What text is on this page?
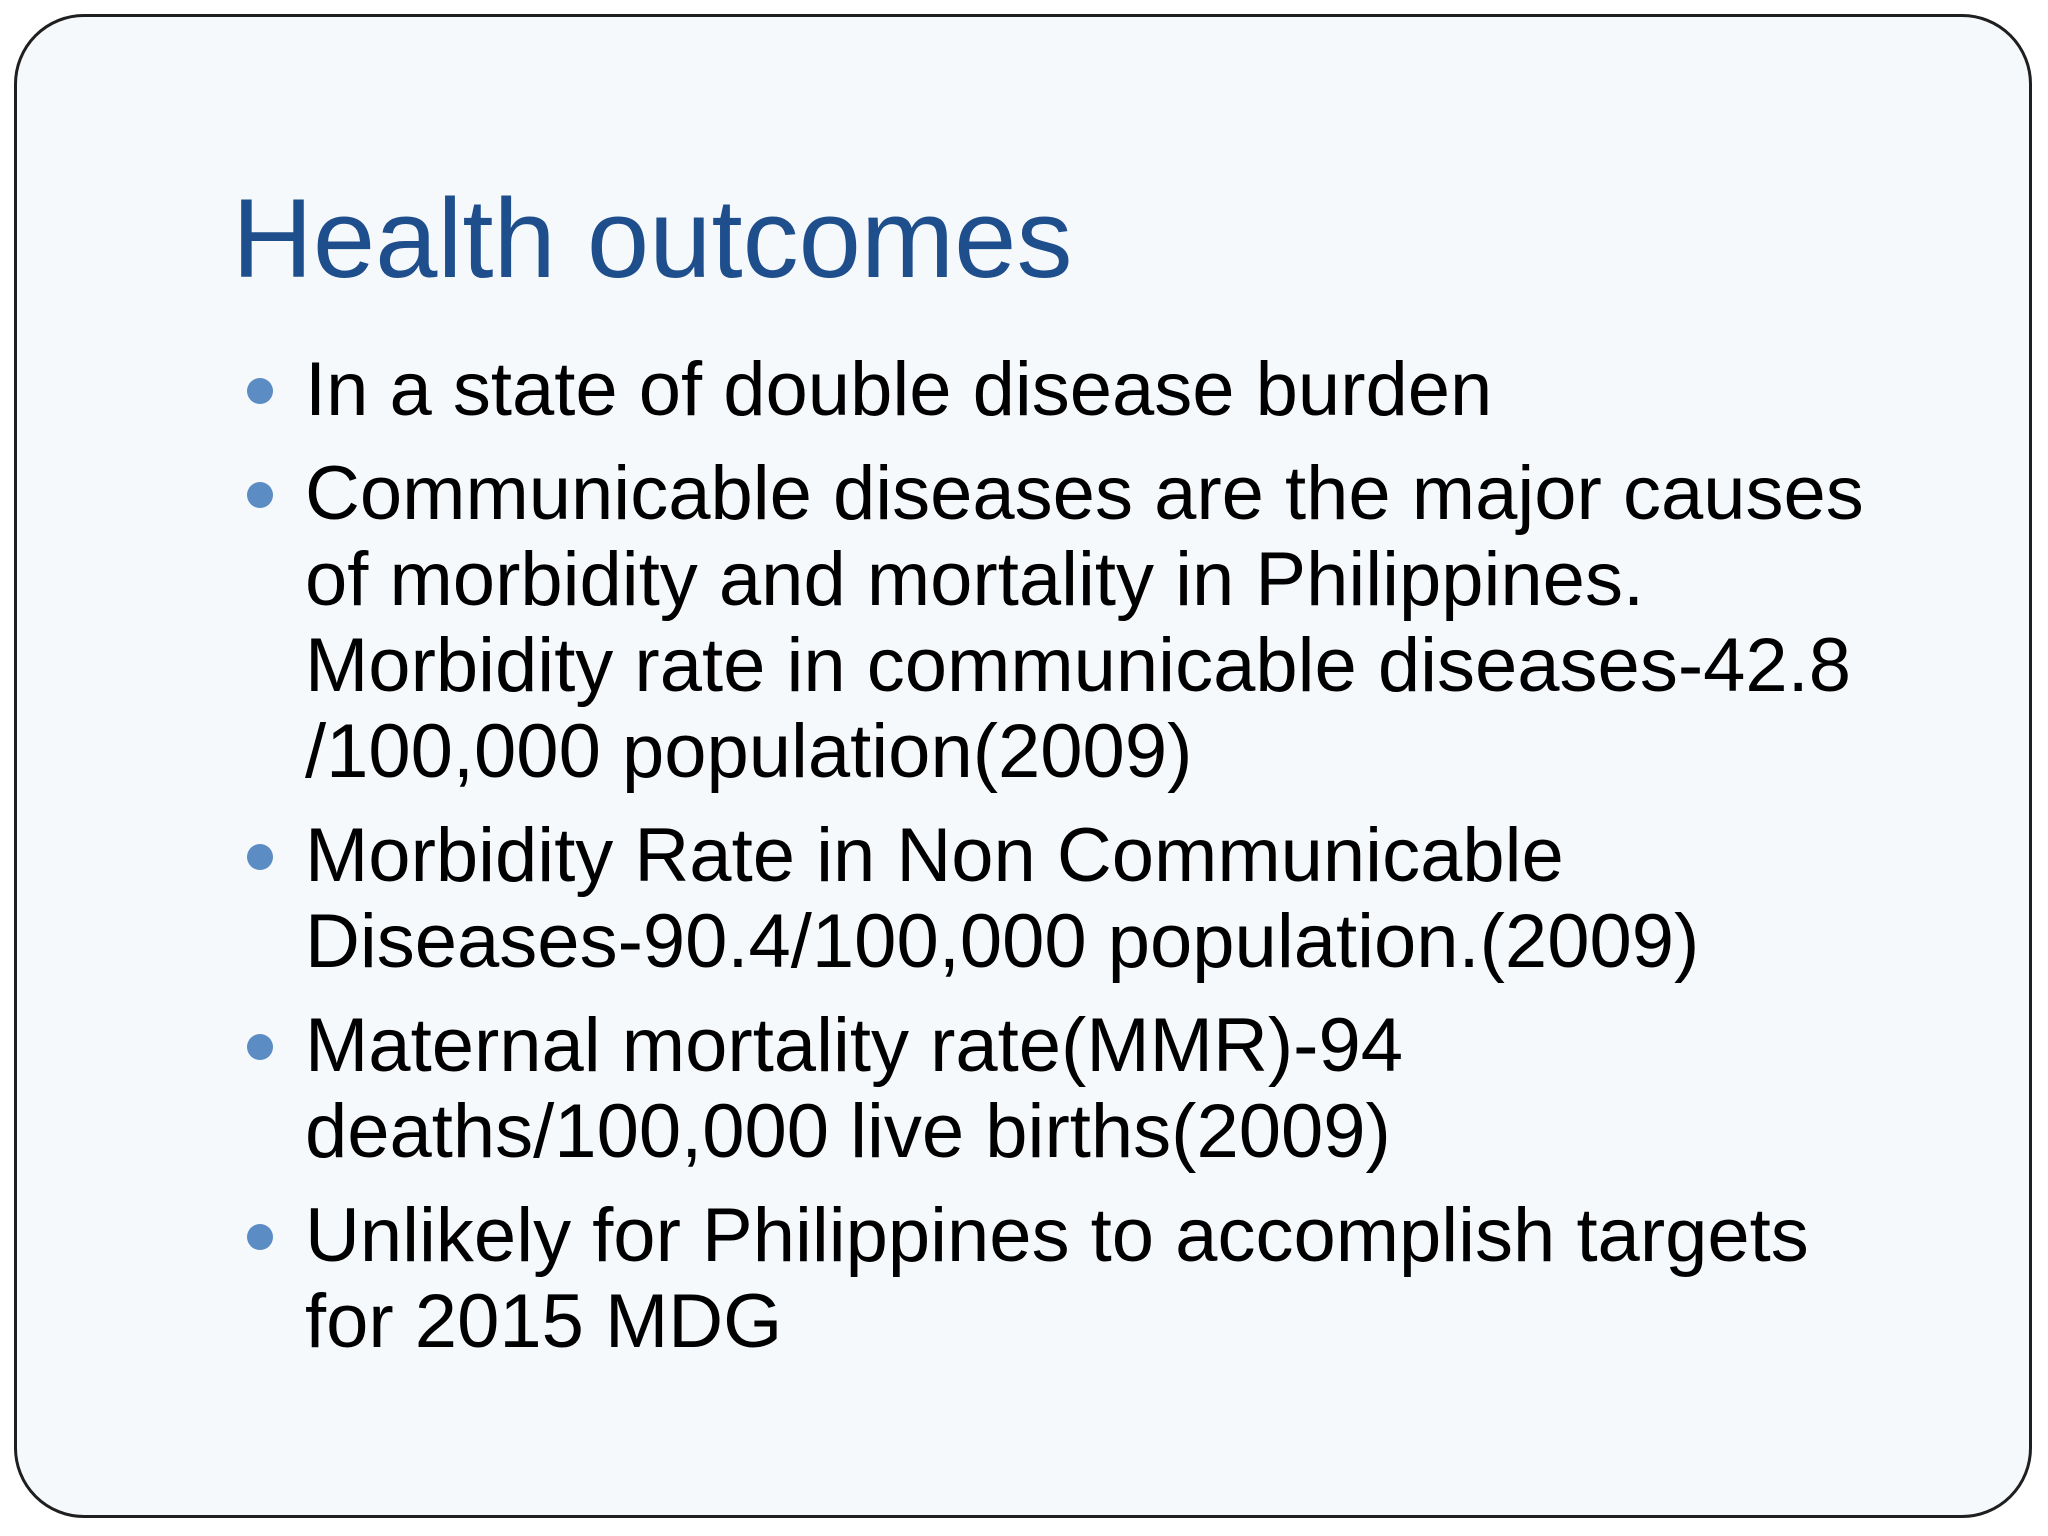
Health outcomes
In a state of double disease burden
Communicable diseases are the major causes
of morbidity and mortality in Philippines.
Morbidity rate in communicable diseases-42.8
/100,000 population(2009)
Morbidity Rate in Non Communicable
Diseases-90.4/100,000 population.(2009)
Maternal mortality rate(MMR)-94
deaths/100,000 live births(2009)
Unlikely for Philippines to accomplish targets
for 2015 MDG
